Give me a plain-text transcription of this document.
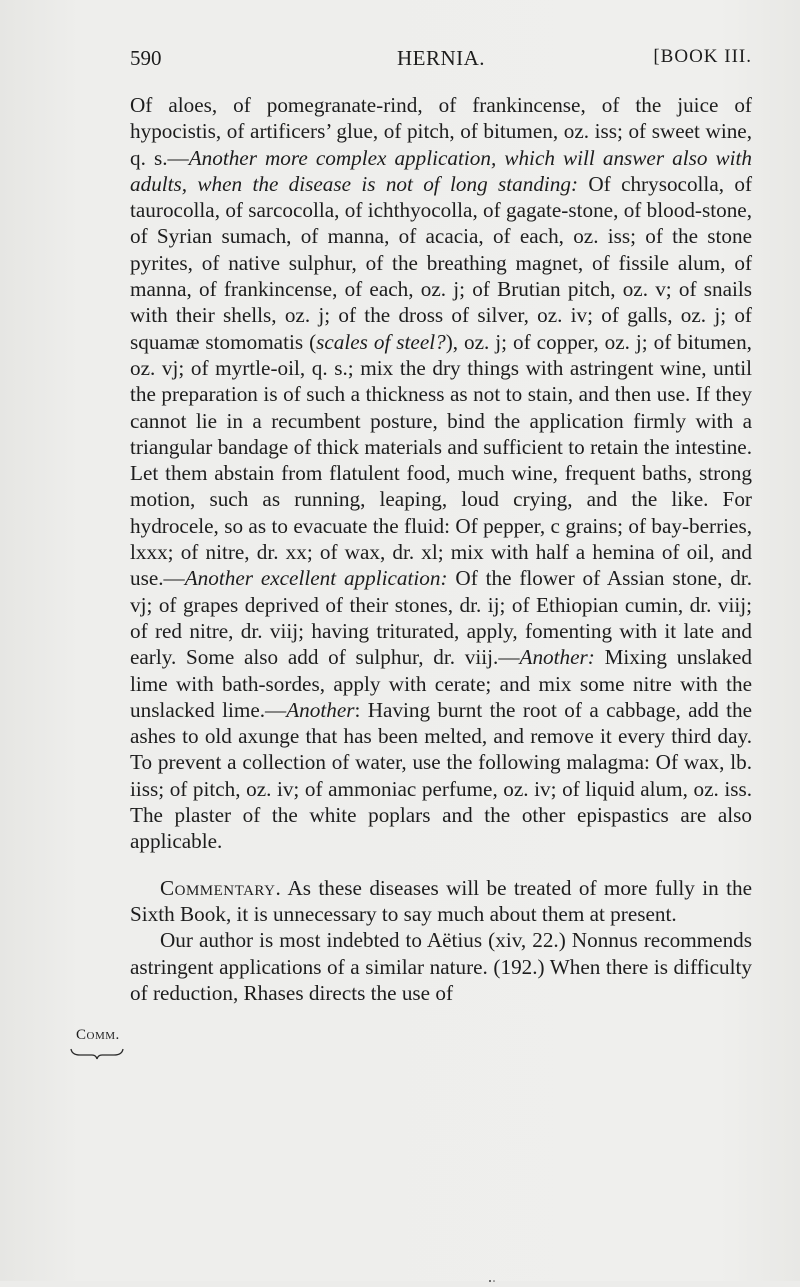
590	HERNIA.	[BOOK III.

Of aloes, of pomegranate-rind, of frankincense, of the juice of hypocistis, of artificers’ glue, of pitch, of bitumen, oz. iss; of sweet wine, q. s.—Another more complex application, which will answer also with adults, when the disease is not of long standing: Of chrysocolla, of taurocolla, of sarcocolla, of ichthyocolla, of gagate-stone, of blood-stone, of Syrian sumach, of manna, of acacia, of each, oz. iss; of the stone pyrites, of native sulphur, of the breathing magnet, of fissile alum, of manna, of frankincense, of each, oz. j; of Brutian pitch, oz. v; of snails with their shells, oz. j; of the dross of silver, oz. iv; of galls, oz. j; of squamæ stomomatis (scales of steel?), oz. j; of copper, oz. j; of bitumen, oz. vj; of myrtle-oil, q. s.; mix the dry things with astringent wine, until the preparation is of such a thickness as not to stain, and then use. If they cannot lie in a recumbent posture, bind the application firmly with a triangular bandage of thick materials and sufficient to retain the intestine. Let them abstain from flatulent food, much wine, frequent baths, strong motion, such as running, leaping, loud crying, and the like. For hydrocele, so as to evacuate the fluid: Of pepper, c grains; of bay-berries, lxxx; of nitre, dr. xx; of wax, dr. xl; mix with half a hemina of oil, and use.—Another excellent application: Of the flower of Assian stone, dr. vj; of grapes deprived of their stones, dr. ij; of Ethiopian cumin, dr. viij; of red nitre, dr. viij; having triturated, apply, fomenting with it late and early. Some also add of sulphur, dr. viij.—Another: Mixing unslaked lime with bath-sordes, apply with cerate; and mix some nitre with the unslacked lime.—Another: Having burnt the root of a cabbage, add the ashes to old axunge that has been melted, and remove it every third day. To prevent a collection of water, use the following malagma: Of wax, lb. iiss; of pitch, oz. iv; of ammoniac perfume, oz. iv; of liquid alum, oz. iss. The plaster of the white poplars and the other epispastics are also applicable.

Commentary. As these diseases will be treated of more fully in the Sixth Book, it is unnecessary to say much about them at present.

Our author is most indebted to Aëtius (xiv, 22.) Nonnus recommends astringent applications of a similar nature. (192.) When there is difficulty of reduction, Rhases directs the use of

Comm.
